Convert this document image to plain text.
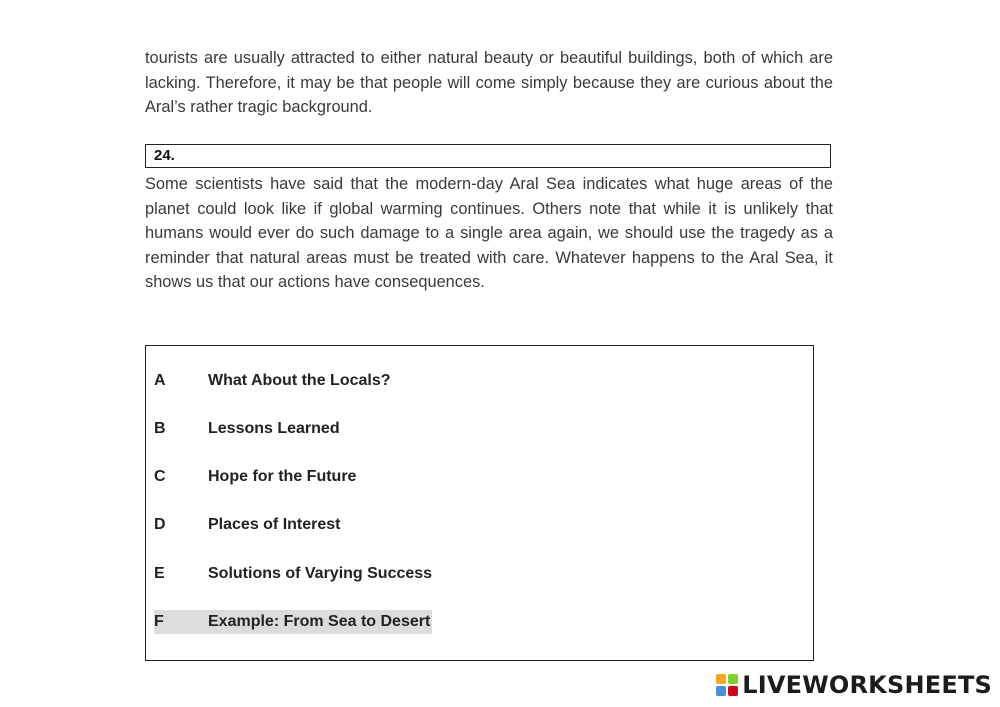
tourists are usually attracted to either natural beauty or beautiful buildings, both of which are lacking. Therefore, it may be that people will come simply because they are curious about the Aral’s rather tragic background.
24.
Some scientists have said that the modern-day Aral Sea indicates what huge areas of the planet could look like if global warming continues. Others note that while it is unlikely that humans would ever do such damage to a single area again, we should use the tragedy as a reminder that natural areas must be treated with care. Whatever happens to the Aral Sea, it shows us that our actions have consequences.
A	What About the Locals?
B	Lessons Learned
C	Hope for the Future
D	Places of Interest
E	Solutions of Varying Success
F	Example: From Sea to Desert
LIVEWORKSHEETS
